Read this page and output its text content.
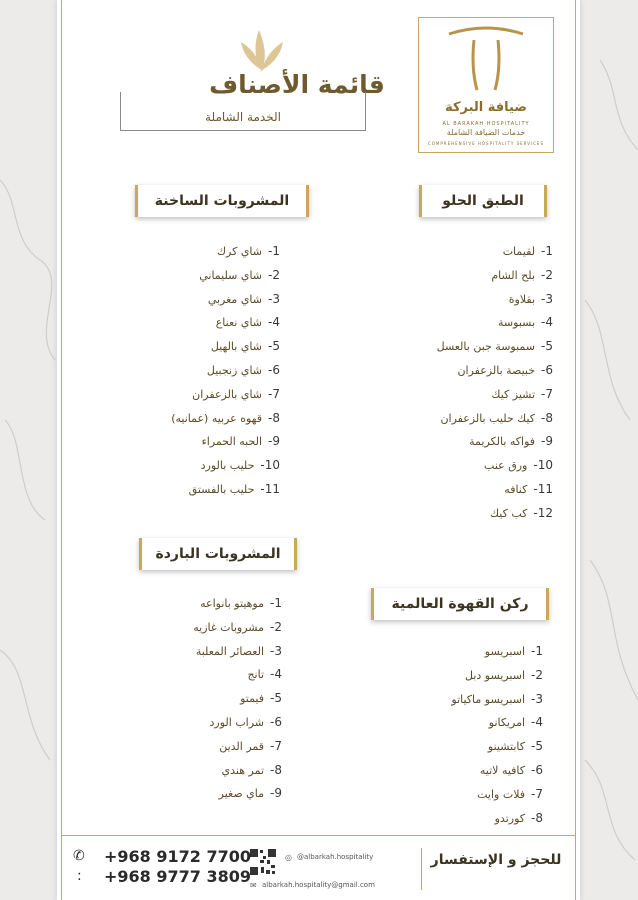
قائمة الأصناف
الخدمة الشاملة
ضيافة البركة
AL BARAKAH HOSPITALITY
خدمات الضيافة الشاملة
COMPREHENSIVE HOSPITALITY SERVICES
الطبق الحلو
1-لقيمات
2-بلح الشام
3-بقلاوة
4-بسبوسة
5-سمبوسة جبن بالعسل
6-خبيصة بالزعفران
7-تشيز كيك
8-كيك حليب بالزعفران
9-فواكه بالكريمة
10-ورق عنب
11-كنافه
12-كب كيك
المشروبات الساخنة
1-شاي كرك
2-شاي سليماني
3-شاي مغربي
4-شاي نعناع
5-شاي بالهيل
6-شاي زنجبيل
7-شاي بالزعفران
8-قهوه عربيه (عمانيه)
9-الحبه الحمراء
10-حليب بالورد
11-حليب بالفستق
المشروبات الباردة
1-موهيتو بانواعه
2-مشروبات غازيه
3-العصائر المعلبة
4-تانج
5-فيمتو
6-شراب الورد
7-قمر الدين
8-تمر هندي
9-ماي صغير
ركن القهوة العالمية
1-اسبريسو
2-اسبريسو دبل
3-اسبريسو ماكياتو
4-امريكانو
5-كابتشينو
6-كافيه لاتيه
7-فلات وايت
8-كورتدو
للحجز و الإستفسار
◎ @albarkah.hospitality
✉ albarkah.hospitality@gmail.com
+968 9172 7700
+968 9777 3809
✆
:
